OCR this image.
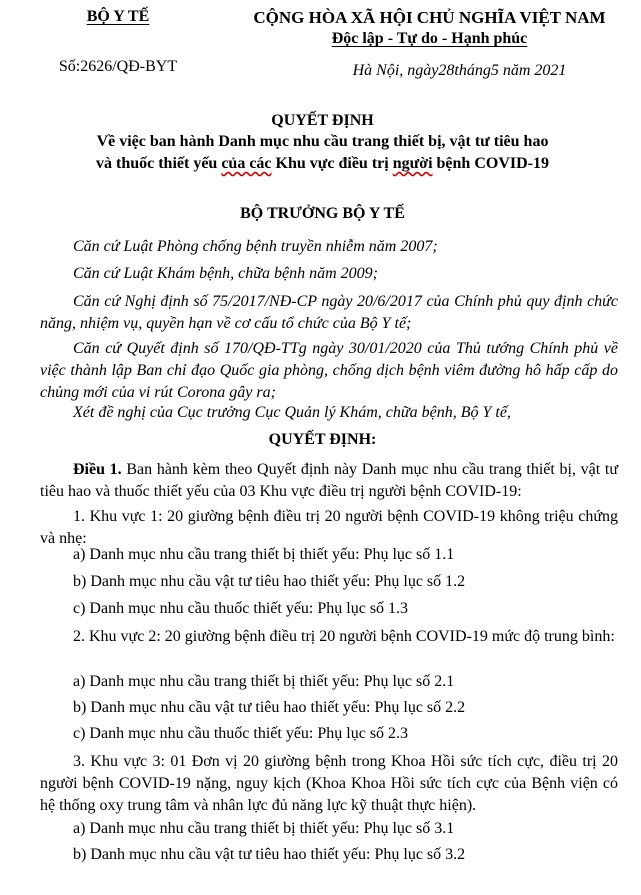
BỘ Y TẾ
Số:2626/QĐ-BYT
CỘNG HÒA XÃ HỘI CHỦ NGHĨA VIỆT NAM
Độc lập - Tự do - Hạnh phúc
Hà Nội, ngày28tháng5 năm 2021
QUYẾT ĐỊNH
Về việc ban hành Danh mục nhu cầu trang thiết bị, vật tư tiêu hao
và thuốc thiết yếu của các Khu vực điều trị người bệnh COVID-19
BỘ TRƯỞNG BỘ Y TẾ
Căn cứ Luật Phòng chống bệnh truyền nhiễm năm 2007;
Căn cứ Luật Khám bệnh, chữa bệnh năm 2009;
Căn cứ Nghị định số 75/2017/NĐ-CP ngày 20/6/2017 của Chính phủ quy định chức năng, nhiệm vụ, quyền hạn về cơ cấu tổ chức của Bộ Y tế;
Căn cứ Quyết định số 170/QĐ-TTg ngày 30/01/2020 của Thủ tướng Chính phủ về việc thành lập Ban chỉ đạo Quốc gia phòng, chống dịch bệnh viêm đường hô hấp cấp do chủng mới của vi rút Corona gây ra;
Xét đề nghị của Cục trưởng Cục Quản lý Khám, chữa bệnh, Bộ Y tế,
QUYẾT ĐỊNH:
Điều 1. Ban hành kèm theo Quyết định này Danh mục nhu cầu trang thiết bị, vật tư tiêu hao và thuốc thiết yếu của 03 Khu vực điều trị người bệnh COVID-19:
1. Khu vực 1: 20 giường bệnh điều trị 20 người bệnh COVID-19 không triệu chứng và nhẹ:
a) Danh mục nhu cầu trang thiết bị thiết yếu: Phụ lục số 1.1
b) Danh mục nhu cầu vật tư tiêu hao thiết yếu: Phụ lục số 1.2
c) Danh mục nhu cầu thuốc thiết yếu: Phụ lục số 1.3
2. Khu vực 2: 20 giường bệnh điều trị 20 người bệnh COVID-19 mức độ trung bình:
a) Danh mục nhu cầu trang thiết bị thiết yếu: Phụ lục số 2.1
b) Danh mục nhu cầu vật tư tiêu hao thiết yếu: Phụ lục số 2.2
c) Danh mục nhu cầu thuốc thiết yếu: Phụ lục số 2.3
3. Khu vực 3: 01 Đơn vị 20 giường bệnh trong Khoa Hồi sức tích cực, điều trị 20 người bệnh COVID-19 nặng, nguy kịch (Khoa Khoa Hồi sức tích cực của Bệnh viện có hệ thống oxy trung tâm và nhân lực đủ năng lực kỹ thuật thực hiện).
a) Danh mục nhu cầu trang thiết bị thiết yếu: Phụ lục số 3.1
b) Danh mục nhu cầu vật tư tiêu hao thiết yếu: Phụ lục số 3.2
